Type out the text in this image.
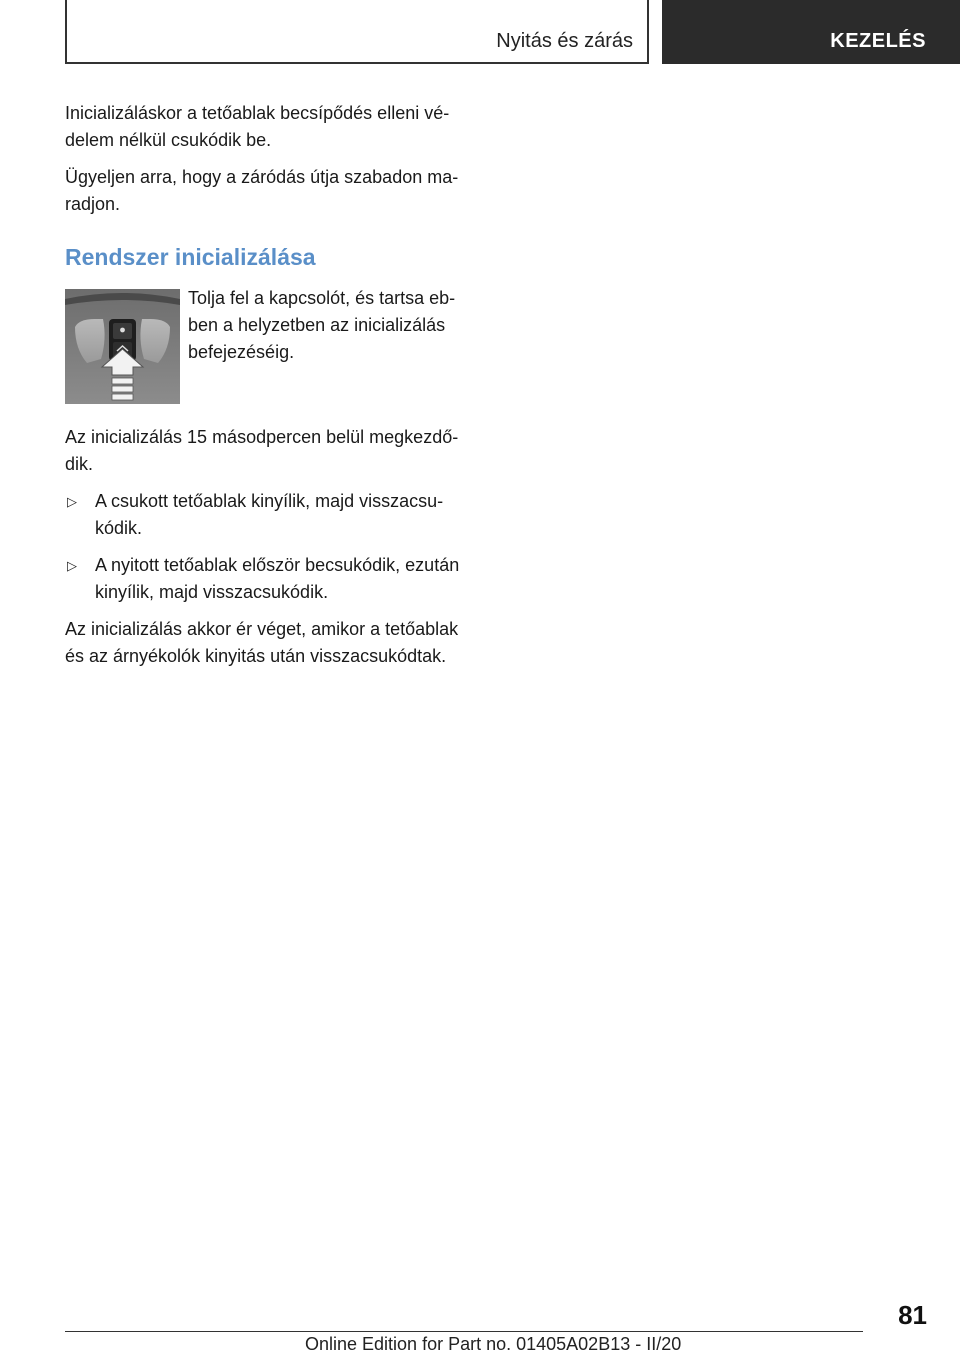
Nyitás és zárás	KEZELÉS

Inicializáláskor a tetőablak becsípődés elleni védelem nélkül csukódik be.

Ügyeljen arra, hogy a záródás útja szabadon maradjon.

Rendszer inicializálása

Tolja fel a kapcsolót, és tartsa ebben a helyzetben az inicializálás befejezéséig.

Az inicializálás 15 másodpercen belül megkezdődik.

▷ A csukott tetőablak kinyílik, majd visszacsukódik.
▷ A nyitott tetőablak először becsukódik, ezután kinyílik, majd visszacsukódik.

Az inicializálás akkor ér véget, amikor a tetőablak és az árnyékolók kinyitás után visszacsukódtak.

81
Online Edition for Part no. 01405A02B13 - II/20
